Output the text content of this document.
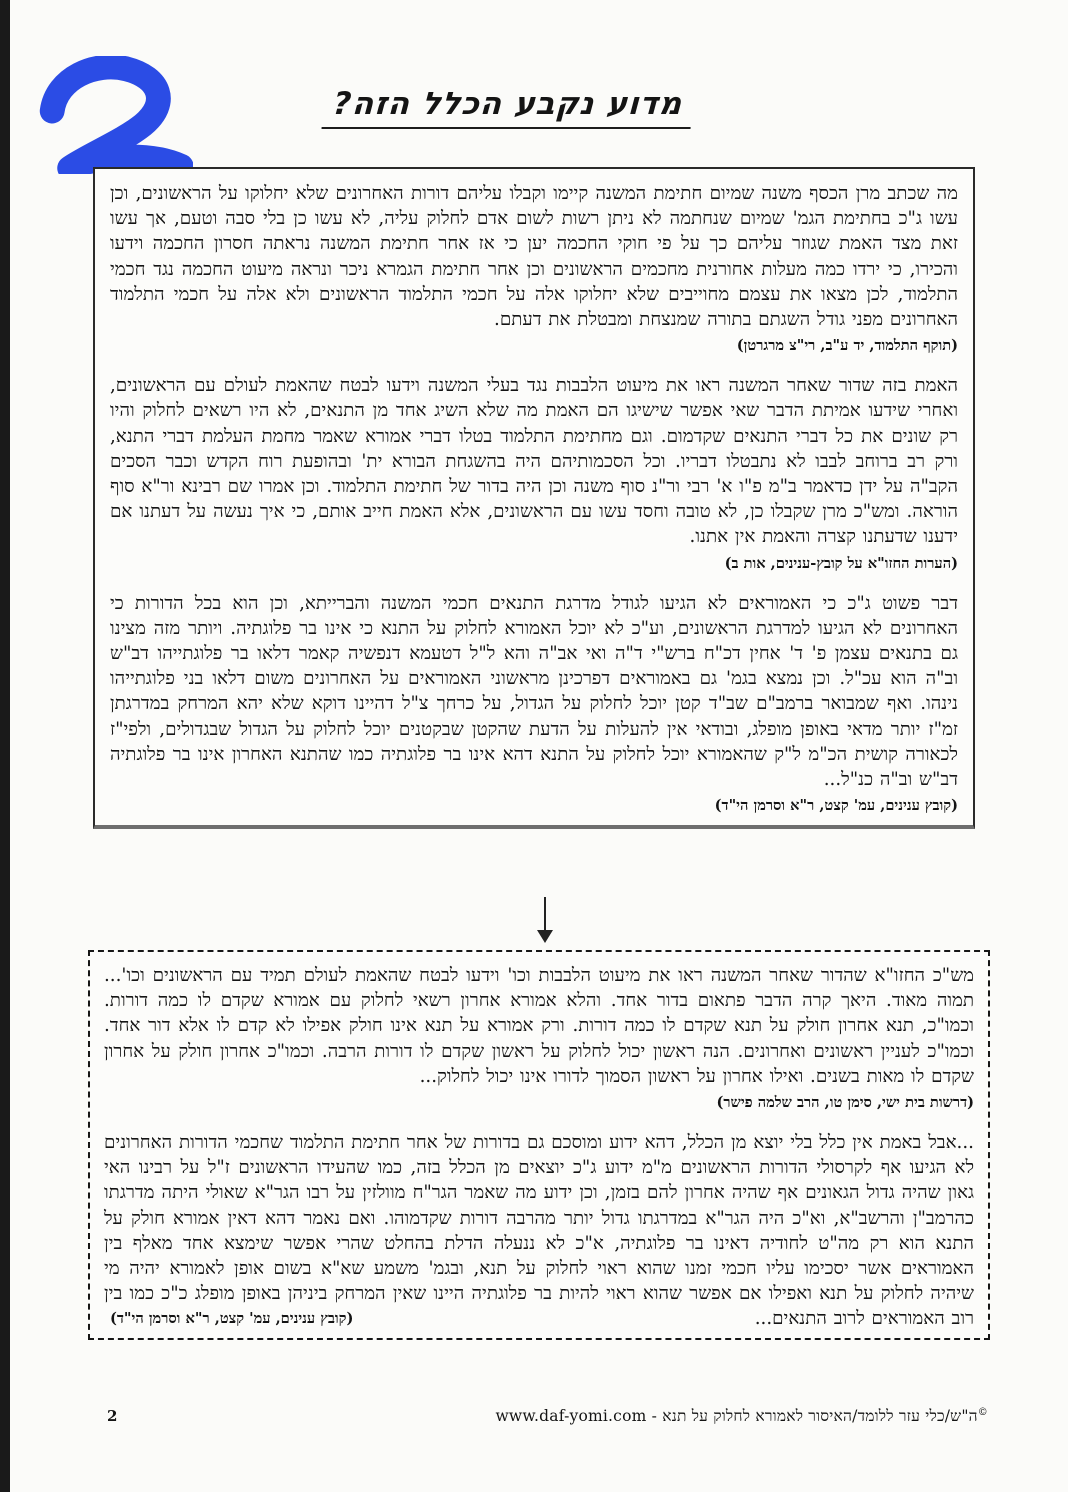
מדוע נקבע הכלל הזה?
מה שכתב מרן הכסף משנה שמיום חתימת המשנה קיימו וקבלו עליהם דורות האחרונים שלא יחלוקו על הראשונים, וכן עשו ג"כ בחתימת הגמ' שמיום שנחתמה לא ניתן רשות לשום אדם לחלוק עליה, לא עשו כן בלי סבה וטעם, אך עשו זאת מצד האמת שגוזר עליהם כך על פי חוקי החכמה יען כי אז אחר חתימת המשנה נראתה חסרון החכמה וידעו והכירו, כי ירדו כמה מעלות אחורנית מחכמים הראשונים וכן אחר חתימת הגמרא ניכר ונראה מיעוט החכמה נגד חכמי התלמוד, לכן מצאו את עצמם מחוייבים שלא יחלוקו אלה על חכמי התלמוד הראשונים ולא אלה על חכמי התלמוד האחרונים מפני גודל השגתם בתורה שמנצחת ומבטלת את דעתם.
(תוקף התלמוד, יד ע"ב, רי"צ מרגרטן)
האמת בזה שדור שאחר המשנה ראו את מיעוט הלבבות נגד בעלי המשנה וידעו לבטח שהאמת לעולם עם הראשונים, ואחרי שידעו אמיתת הדבר שאי אפשר שישיגו הם האמת מה שלא השיג אחד מן התנאים, לא היו רשאים לחלוק והיו רק שונים את כל דברי התנאים שקדמום. וגם מחתימת התלמוד בטלו דברי אמורא שאמר מחמת העלמת דברי התנא, ורק רב ברוחב לבבו לא נתבטלו דבריו. וכל הסכמותיהם היה בהשגחת הבורא ית' ובהופעת רוח הקדש וכבר הסכים הקב"ה על ידן כדאמר ב"מ פ"ו א' רבי ור"נ סוף משנה וכן היה בדור של חתימת התלמוד. וכן אמרו שם רבינא ור"א סוף הוראה. ומש"כ מרן שקבלו כן, לא טובה וחסד עשו עם הראשונים, אלא האמת חייב אותם, כי איך נעשה על דעתנו אם ידענו שדעתנו קצרה והאמת אין אתנו.
(הערות החזו"א על קובץ-ענינים, אות ב)
דבר פשוט ג"כ כי האמוראים לא הגיעו לגודל מדרגת התנאים חכמי המשנה והברייתא, וכן הוא בכל הדורות כי האחרונים לא הגיעו למדרגת הראשונים, וע"כ לא יוכל האמורא לחלוק על התנא כי אינו בר פלוגתיה. ויותר מזה מצינו גם בתנאים עצמן פ' ד' אחין דכ"ח ברש"י ד"ה ואי אב"ה והא ל"ל דטעמא דנפשיה קאמר דלאו בר פלוגתייהו דב"ש וב"ה הוא עכ"ל. וכן נמצא בגמ' גם באמוראים דפרכינן מראשוני האמוראים על האחרונים משום דלאו בני פלוגתייהו נינהו. ואף שמבואר ברמב"ם שב"ד קטן יוכל לחלוק על הגדול, על כרחך צ"ל דהיינו דוקא שלא יהא המרחק במדרגתן זמ"ז יותר מדאי באופן מופלג, ובודאי אין להעלות על הדעת שהקטן שבקטנים יוכל לחלוק על הגדול שבגדולים, ולפי"ז לכאורה קושית הכ"מ ל"ק שהאמורא יוכל לחלוק על התנא דהא אינו בר פלוגתיה כמו שהתנא האחרון אינו בר פלוגתיה דב"ש וב"ה כנ"ל...
(קובץ ענינים, עמ' קצט, ר"א וסרמן הי"ד)
מש"כ החזו"א שהדור שאחר המשנה ראו את מיעוט הלבבות וכו' וידעו לבטח שהאמת לעולם תמיד עם הראשונים וכו'... תמוה מאוד. היאך קרה הדבר פתאום בדור אחד. והלא אמורא אחרון רשאי לחלוק עם אמורא שקדם לו כמה דורות. וכמו"כ, תנא אחרון חולק על תנא שקדם לו כמה דורות. ורק אמורא על תנא אינו חולק אפילו לא קדם לו אלא דור אחד. וכמו"כ לעניין ראשונים ואחרונים. הנה ראשון יכול לחלוק על ראשון שקדם לו דורות הרבה. וכמו"כ אחרון חולק על אחרון שקדם לו מאות בשנים. ואילו אחרון על ראשון הסמוך לדורו אינו יכול לחלוק...
(דרשות בית ישי, סימן טו, הרב שלמה פישר)
...אבל באמת אין כלל בלי יוצא מן הכלל, דהא ידוע ומוסכם גם בדורות של אחר חתימת התלמוד שחכמי הדורות האחרונים לא הגיעו אף לקרסולי הדורות הראשונים מ"מ ידוע ג"כ יוצאים מן הכלל בזה, כמו שהעידו הראשונים ז"ל על רבינו האי גאון שהיה גדול הגאונים אף שהיה אחרון להם בזמן, וכן ידוע מה שאמר הגר"ח מוולזין על רבו הגר"א שאולי היתה מדרגתו כהרמב"ן והרשב"א, וא"כ היה הגר"א במדרגתו גדול יותר מהרבה דורות שקדמוהו. ואם נאמר דהא דאין אמורא חולק על התנא הוא רק מה"ט לחודיה דאינו בר פלוגתיה, א"כ לא ננעלה הדלת בהחלט שהרי אפשר שימצא אחד מאלף בין האמוראים אשר יסכימו עליו חכמי זמנו שהוא ראוי לחלוק על תנא, ובגמ' משמע שא"א בשום אופן לאמורא יהיה מי שיהיה לחלוק על תנא ואפילו אם אפשר שהוא ראוי להיות בר פלוגתיה היינו שאין המרחק ביניהן באופן מופלג כ"כ כמו בין רוב האמוראים לרוב התנאים...
(קובץ ענינים, עמ' קצט, ר"א וסרמן הי"ד)
2	©ה"ש/כלי עזר ללומד/האיסור לאמורא לחלוק על תנא - www.daf-yomi.com
